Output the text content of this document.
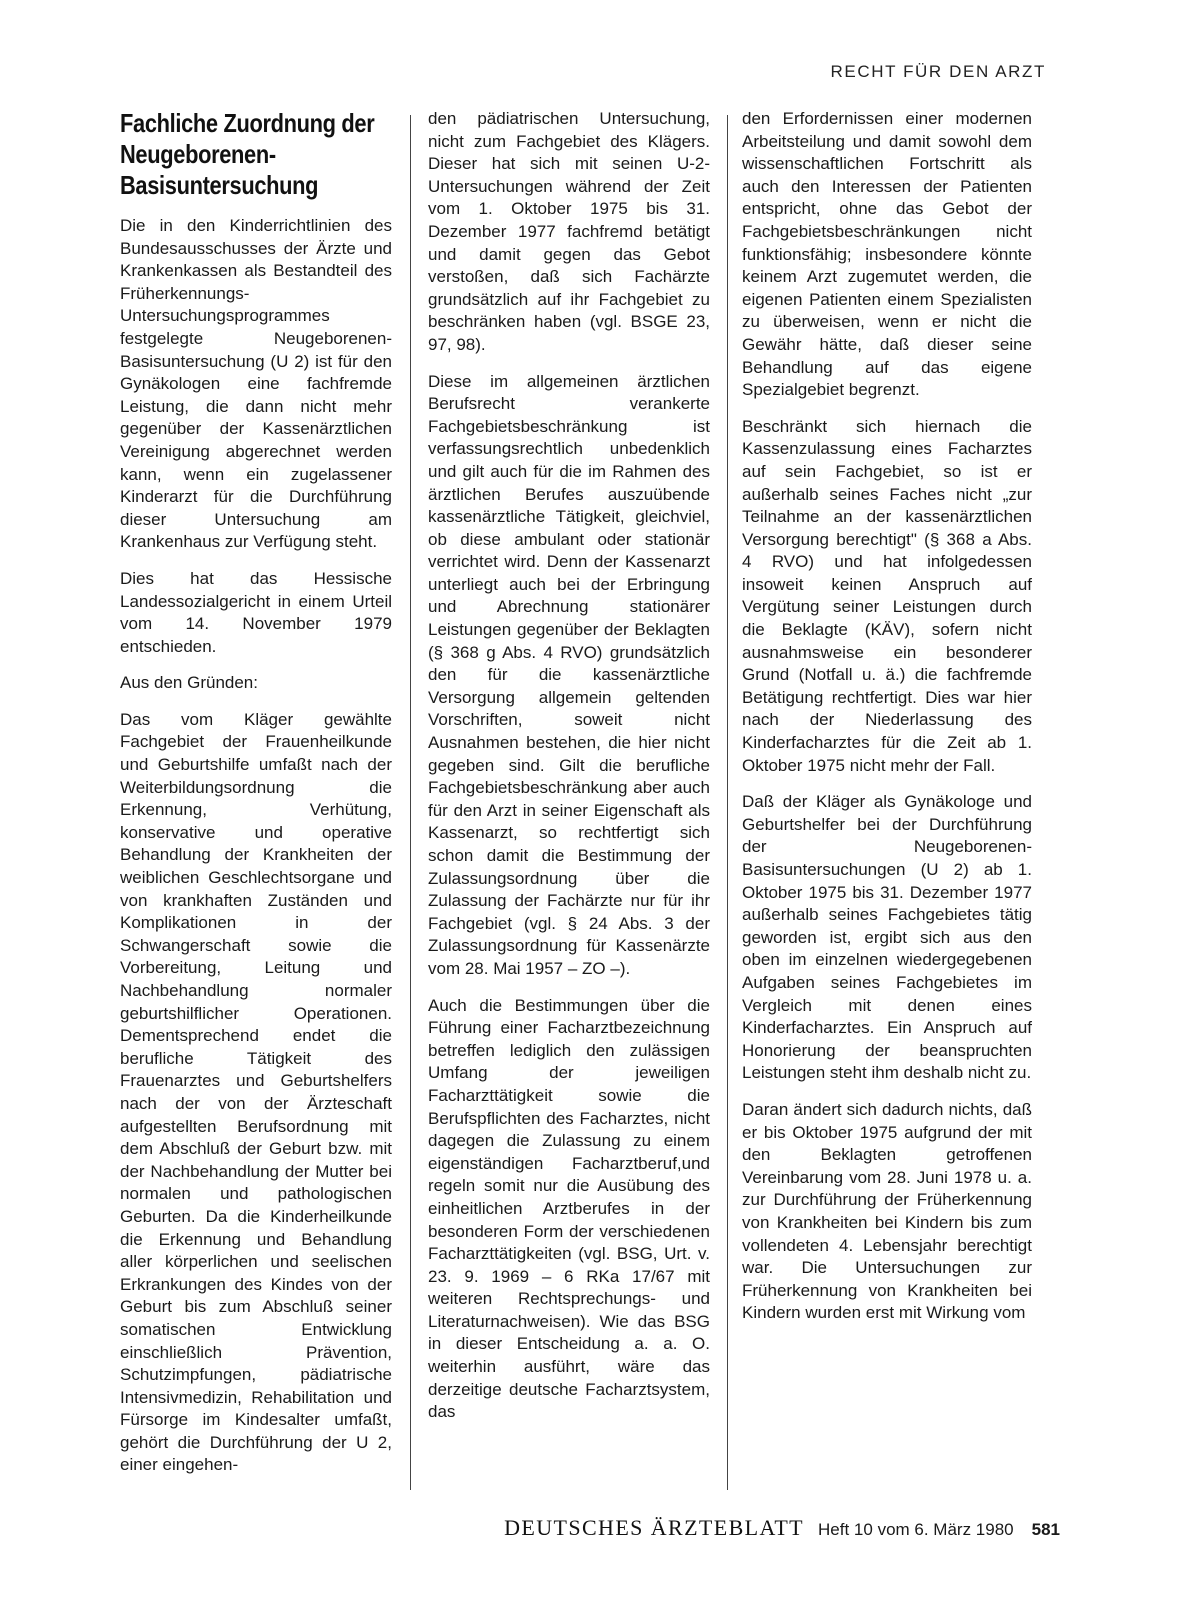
RECHT FÜR DEN ARZT
Fachliche Zuordnung der Neugeborenen-Basisuntersuchung

Die in den Kinderrichtlinien des Bundesausschusses der Ärzte und Krankenkassen als Bestandteil des Früherkennungs-Untersuchungsprogrammes festgelegte Neugeborenen-Basisuntersuchung (U 2) ist für den Gynäkologen eine fachfremde Leistung, die dann nicht mehr gegenüber der Kassenärztlichen Vereinigung abgerechnet werden kann, wenn ein zugelassener Kinderarzt für die Durchführung dieser Untersuchung am Krankenhaus zur Verfügung steht.

Dies hat das Hessische Landessozialgericht in einem Urteil vom 14. November 1979 entschieden.

Aus den Gründen:

Das vom Kläger gewählte Fachgebiet der Frauenheilkunde und Geburtshilfe umfaßt nach der Weiterbildungsordnung die Erkennung, Verhütung, konservative und operative Behandlung der Krankheiten der weiblichen Geschlechtsorgane und von krankhaften Zuständen und Komplikationen in der Schwangerschaft sowie die Vorbereitung, Leitung und Nachbehandlung normaler geburtshilflicher Operationen. Dementsprechend endet die berufliche Tätigkeit des Frauenarztes und Geburtshelfers nach der von der Ärzteschaft aufgestellten Berufsordnung mit dem Abschluß der Geburt bzw. mit der Nachbehandlung der Mutter bei normalen und pathologischen Geburten. Da die Kinderheilkunde die Erkennung und Behandlung aller körperlichen und seelischen Erkrankungen des Kindes von der Geburt bis zum Abschluß seiner somatischen Entwicklung einschließlich Prävention, Schutzimpfungen, pädiatrische Intensivmedizin, Rehabilitation und Fürsorge im Kindesalter umfaßt, gehört die Durchführung der U 2, einer eingehen-

den pädiatrischen Untersuchung, nicht zum Fachgebiet des Klägers. Dieser hat sich mit seinen U-2-Untersuchungen während der Zeit vom 1. Oktober 1975 bis 31. Dezember 1977 fachfremd betätigt und damit gegen das Gebot verstoßen, daß sich Fachärzte grundsätzlich auf ihr Fachgebiet zu beschränken haben (vgl. BSGE 23, 97, 98).

Diese im allgemeinen ärztlichen Berufsrecht verankerte Fachgebietsbeschränkung ist verfassungsrechtlich unbedenklich und gilt auch für die im Rahmen des ärztlichen Berufes auszuübende kassenärztliche Tätigkeit, gleichviel, ob diese ambulant oder stationär verrichtet wird. Denn der Kassenarzt unterliegt auch bei der Erbringung und Abrechnung stationärer Leistungen gegenüber der Beklagten (§ 368 g Abs. 4 RVO) grundsätzlich den für die kassenärztliche Versorgung allgemein geltenden Vorschriften, soweit nicht Ausnahmen bestehen, die hier nicht gegeben sind. Gilt die berufliche Fachgebietsbeschränkung aber auch für den Arzt in seiner Eigenschaft als Kassenarzt, so rechtfertigt sich schon damit die Bestimmung der Zulassungsordnung über die Zulassung der Fachärzte nur für ihr Fachgebiet (vgl. § 24 Abs. 3 der Zulassungsordnung für Kassenärzte vom 28. Mai 1957 – ZO –).

Auch die Bestimmungen über die Führung einer Facharztbezeichnung betreffen lediglich den zulässigen Umfang der jeweiligen Facharzttätigkeit sowie die Berufspflichten des Facharztes, nicht dagegen die Zulassung zu einem eigenständigen Facharztberuf,und regeln somit nur die Ausübung des einheitlichen Arztberufes in der besonderen Form der verschiedenen Facharzttätigkeiten (vgl. BSG, Urt. v. 23. 9. 1969 – 6 RKa 17/67 mit weiteren Rechtsprechungs- und Literaturnachweisen). Wie das BSG in dieser Entscheidung a. a. O. weiterhin ausführt, wäre das derzeitige deutsche Facharztsystem, das

den Erfordernissen einer modernen Arbeitsteilung und damit sowohl dem wissenschaftlichen Fortschritt als auch den Interessen der Patienten entspricht, ohne das Gebot der Fachgebietsbeschränkungen nicht funktionsfähig; insbesondere könnte keinem Arzt zugemutet werden, die eigenen Patienten einem Spezialisten zu überweisen, wenn er nicht die Gewähr hätte, daß dieser seine Behandlung auf das eigene Spezialgebiet begrenzt.

Beschränkt sich hiernach die Kassenzulassung eines Facharztes auf sein Fachgebiet, so ist er außerhalb seines Faches nicht „zur Teilnahme an der kassenärztlichen Versorgung berechtigt" (§ 368 a Abs. 4 RVO) und hat infolgedessen insoweit keinen Anspruch auf Vergütung seiner Leistungen durch die Beklagte (KÄV), sofern nicht ausnahmsweise ein besonderer Grund (Notfall u. ä.) die fachfremde Betätigung rechtfertigt. Dies war hier nach der Niederlassung des Kinderfacharztes für die Zeit ab 1. Oktober 1975 nicht mehr der Fall.

Daß der Kläger als Gynäkologe und Geburtshelfer bei der Durchführung der Neugeborenen-Basisuntersuchungen (U 2) ab 1. Oktober 1975 bis 31. Dezember 1977 außerhalb seines Fachgebietes tätig geworden ist, ergibt sich aus den oben im einzelnen wiedergegebenen Aufgaben seines Fachgebietes im Vergleich mit denen eines Kinderfacharztes. Ein Anspruch auf Honorierung der beanspruchten Leistungen steht ihm deshalb nicht zu.

Daran ändert sich dadurch nichts, daß er bis Oktober 1975 aufgrund der mit den Beklagten getroffenen Vereinbarung vom 28. Juni 1978 u. a. zur Durchführung der Früherkennung von Krankheiten bei Kindern bis zum vollendeten 4. Lebensjahr berechtigt war. Die Untersuchungen zur Früherkennung von Krankheiten bei Kindern wurden erst mit Wirkung vom

DEUTSCHES ÄRZTEBLATT Heft 10 vom 6. März 1980 581
